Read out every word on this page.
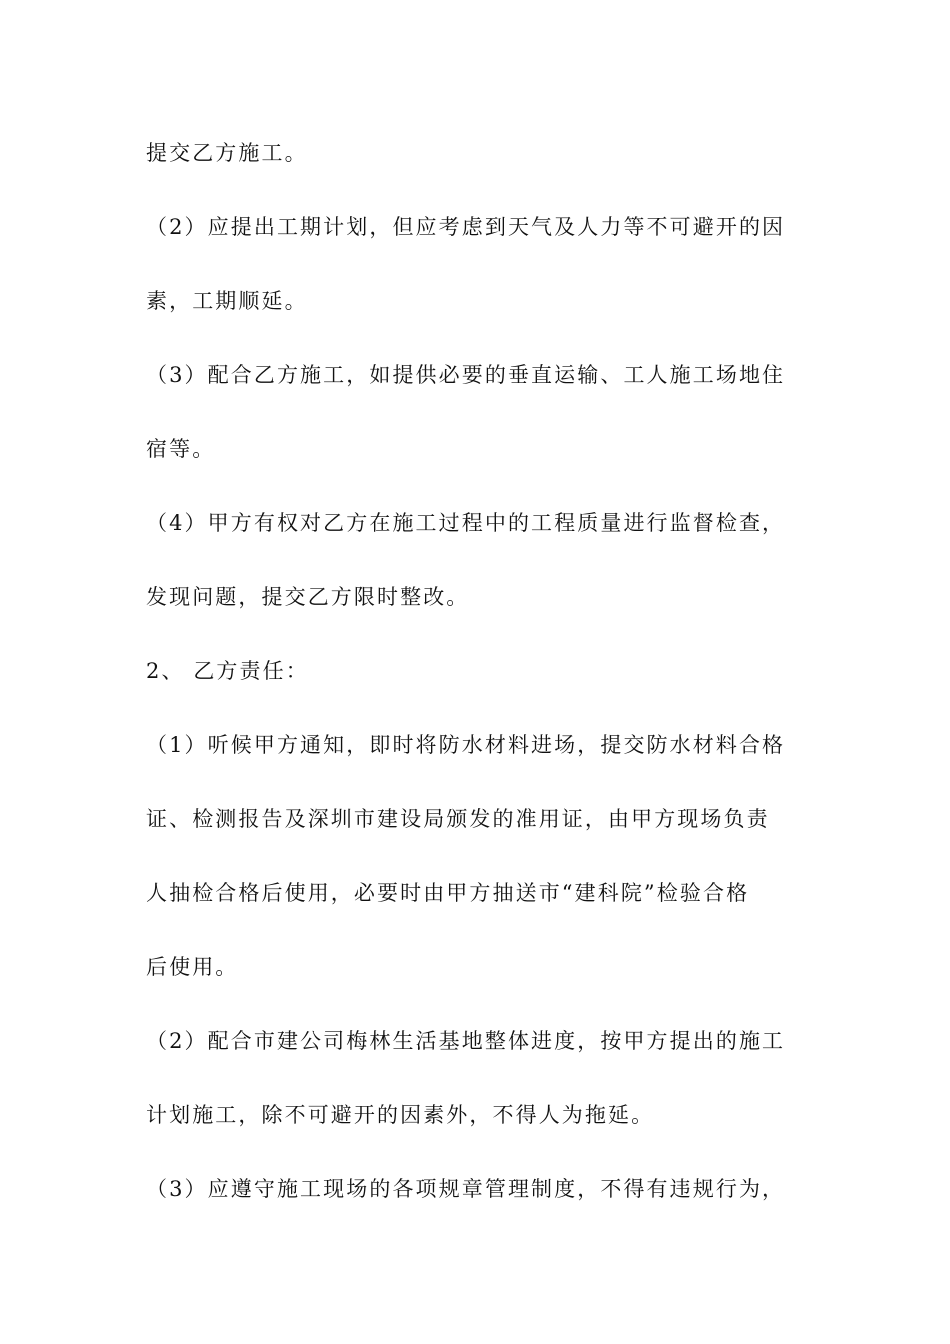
提交乙方施工。
（2）应提出工期计划，但应考虑到天气及人力等不可避开的因
素，工期顺延。
（3）配合乙方施工，如提供必要的垂直运输、工人施工场地住
宿等。
（4）甲方有权对乙方在施工过程中的工程质量进行监督检查，
发现问题，提交乙方限时整改。
2、 乙方责任：
（1）听候甲方通知，即时将防水材料进场，提交防水材料合格
证、检测报告及深圳市建设局颁发的准用证，由甲方现场负责
人抽检合格后使用，必要时由甲方抽送市“建科院”检验合格
后使用。
（2）配合市建公司梅林生活基地整体进度，按甲方提出的施工
计划施工，除不可避开的因素外，不得人为拖延。
（3）应遵守施工现场的各项规章管理制度，不得有违规行为，
